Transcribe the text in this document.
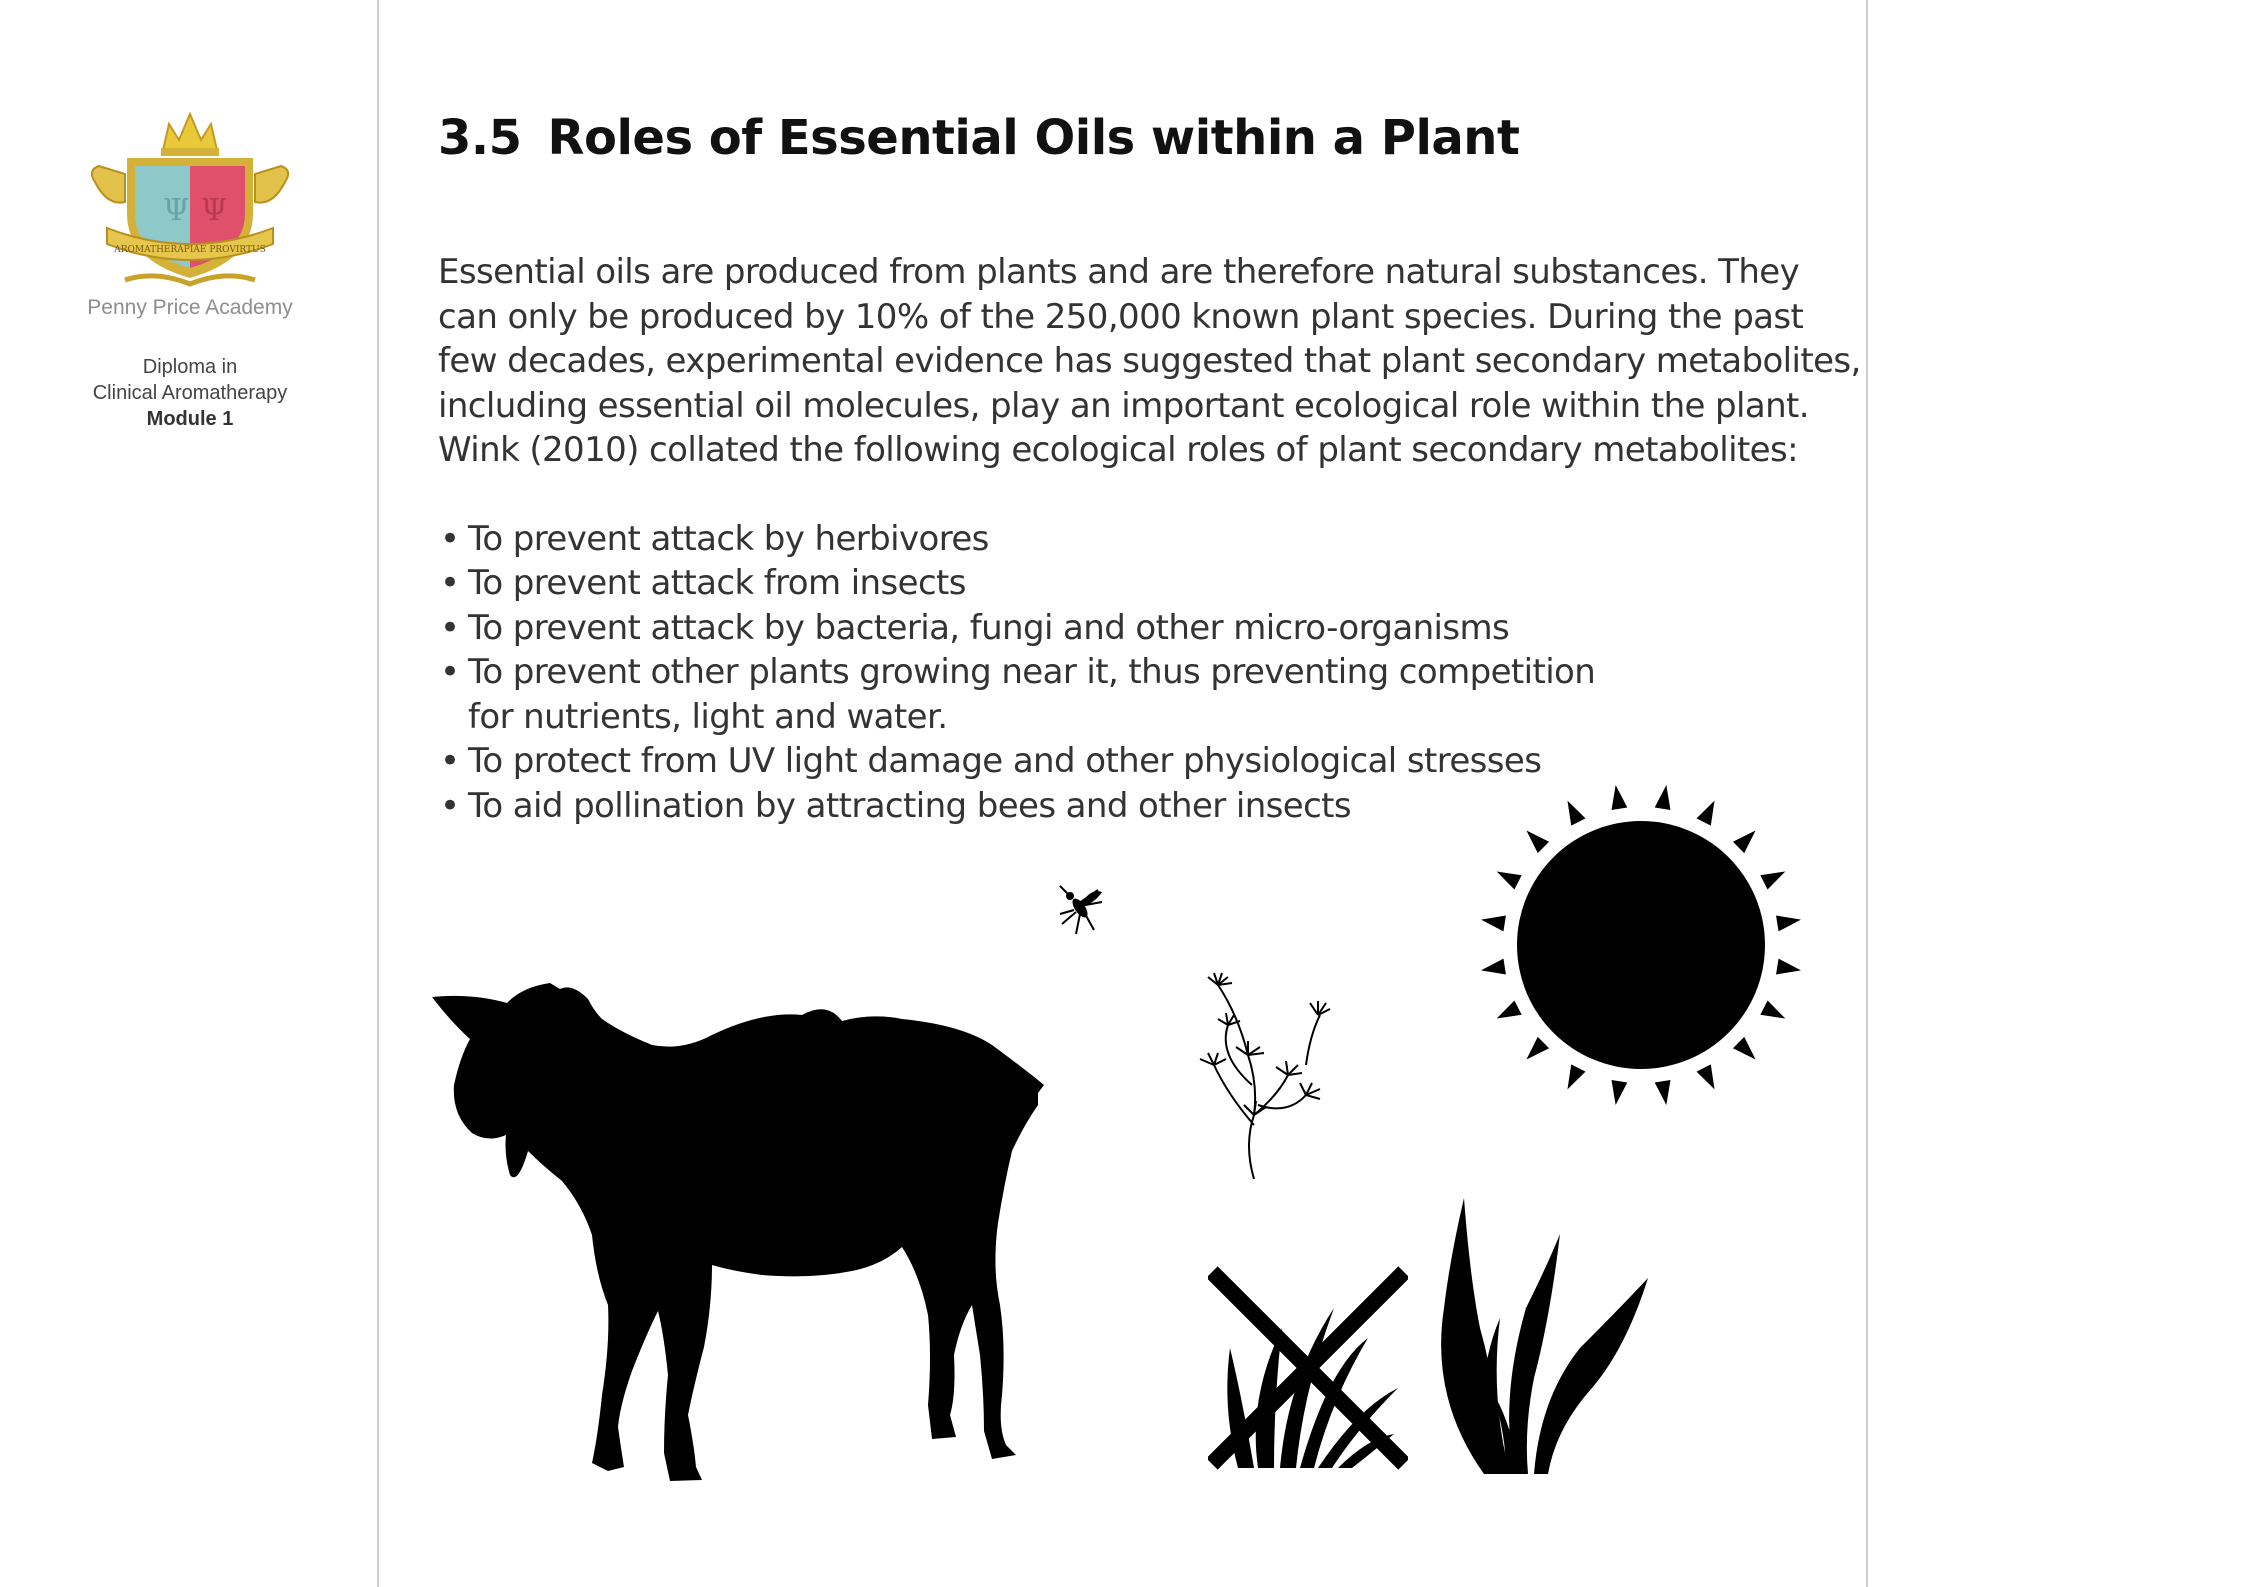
Ψ Ψ
AROMATHERAPIAE PROVIRTUS
Penny Price Academy
Diploma in
Clinical Aromatherapy
Module 1
3.5 Roles of Essential Oils within a Plant

Essential oils are produced from plants and are therefore natural substances. They
can only be produced by 10% of the 250,000 known plant species. During the past
few decades, experimental evidence has suggested that plant secondary metabolites,
including essential oil molecules, play an important ecological role within the plant.
Wink (2010) collated the following ecological roles of plant secondary metabolites:

• To prevent attack by herbivores
• To prevent attack from insects
• To prevent attack by bacteria, fungi and other micro-organisms
• To prevent other plants growing near it, thus preventing competition
for nutrients, light and water.
• To protect from UV light damage and other physiological stresses
• To aid pollination by attracting bees and other insects
